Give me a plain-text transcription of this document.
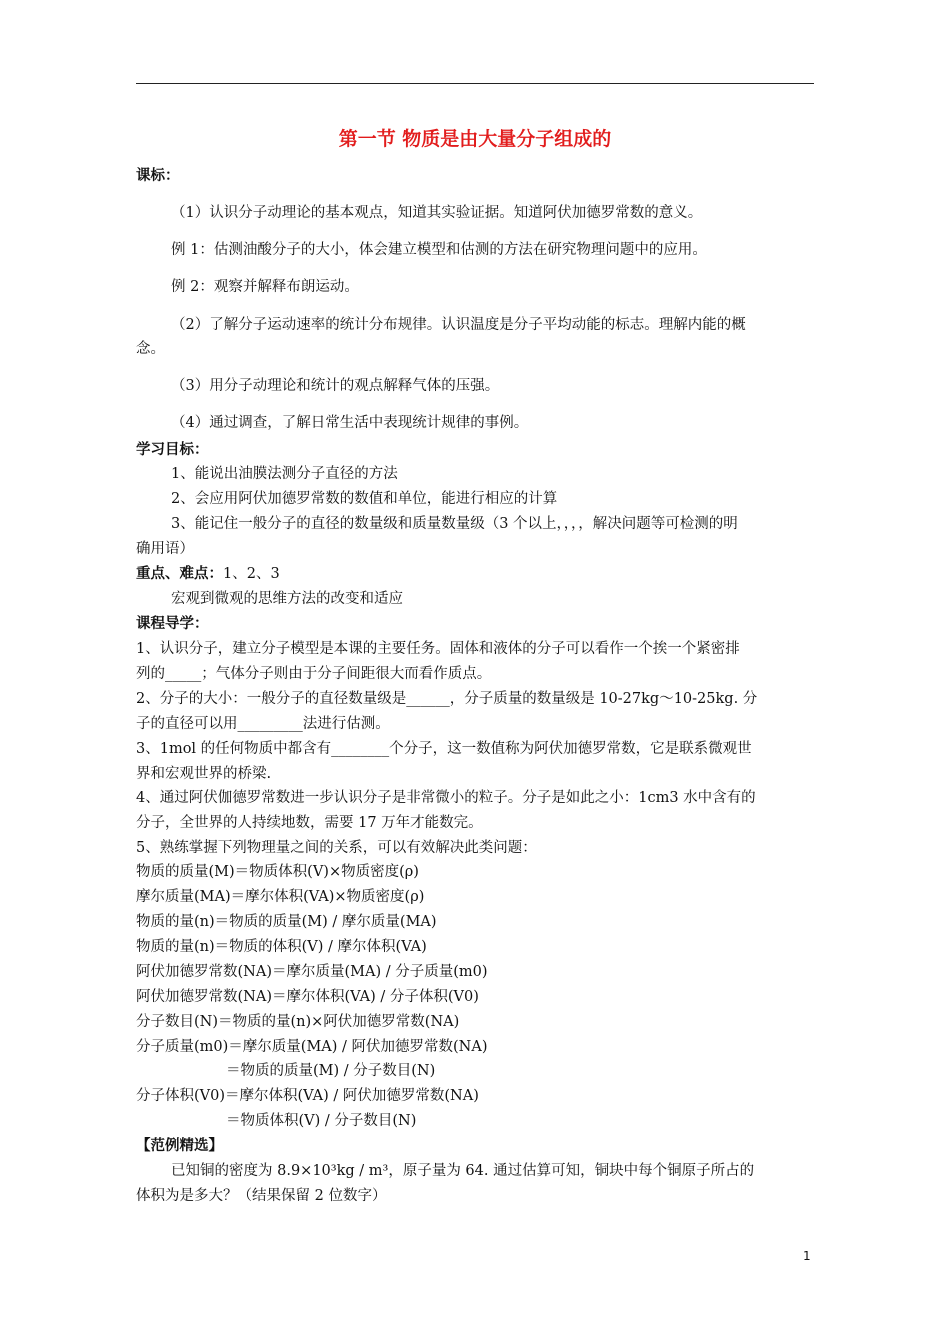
第一节 物质是由大量分子组成的
课标：
（1）认识分子动理论的基本观点，知道其实验证据。知道阿伏加德罗常数的意义。
例 1：估测油酸分子的大小，体会建立模型和估测的方法在研究物理问题中的应用。
例 2：观察并解释布朗运动。
（2）了解分子运动速率的统计分布规律。认识温度是分子平均动能的标志。理解内能的概
念。
（3）用分子动理论和统计的观点解释气体的压强。
（4）通过调查，了解日常生活中表现统计规律的事例。
学习目标：
1、能说出油膜法测分子直径的方法
2、会应用阿伏加德罗常数的数值和单位，能进行相应的计算
3、能记住一般分子的直径的数量级和质量数量级（3 个以上，，，，解决问题等可检测的明
确用语）
重点、难点：1、2、3
宏观到微观的思维方法的改变和适应
课程导学：
1、认识分子，建立分子模型是本课的主要任务。固体和液体的分子可以看作一个挨一个紧密排
列的_____；气体分子则由于分子间距很大而看作质点。
2、分子的大小：一般分子的直径数量级是______，分子质量的数量级是 10-27kg～10-25kg. 分
子的直径可以用_________法进行估测。
3、1mol 的任何物质中都含有________个分子，这一数值称为阿伏加德罗常数，它是联系微观世
界和宏观世界的桥梁.
4、通过阿伏伽德罗常数进一步认识分子是非常微小的粒子。分子是如此之小：1cm3 水中含有的
分子，全世界的人持续地数，需要 17 万年才能数完。
5、熟练掌握下列物理量之间的关系，可以有效解决此类问题：
物质的质量(M)＝物质体积(V)×物质密度(ρ)
摩尔质量(MA)＝摩尔体积(VA)×物质密度(ρ)
物质的量(n)＝物质的质量(M) / 摩尔质量(MA)
物质的量(n)＝物质的体积(V) / 摩尔体积(VA)
阿伏加德罗常数(NA)＝摩尔质量(MA) / 分子质量(m0)
阿伏加德罗常数(NA)＝摩尔体积(VA) / 分子体积(V0)
分子数目(N)＝物质的量(n)×阿伏加德罗常数(NA)
分子质量(m0)＝摩尔质量(MA) / 阿伏加德罗常数(NA)
＝物质的质量(M) / 分子数目(N)
分子体积(V0)＝摩尔体积(VA) / 阿伏加德罗常数(NA)
＝物质体积(V) / 分子数目(N)
【范例精选】
已知铜的密度为 8.9×10³kg / m³，原子量为 64. 通过估算可知，铜块中每个铜原子所占的
体积为是多大？（结果保留 2 位数字）
1
